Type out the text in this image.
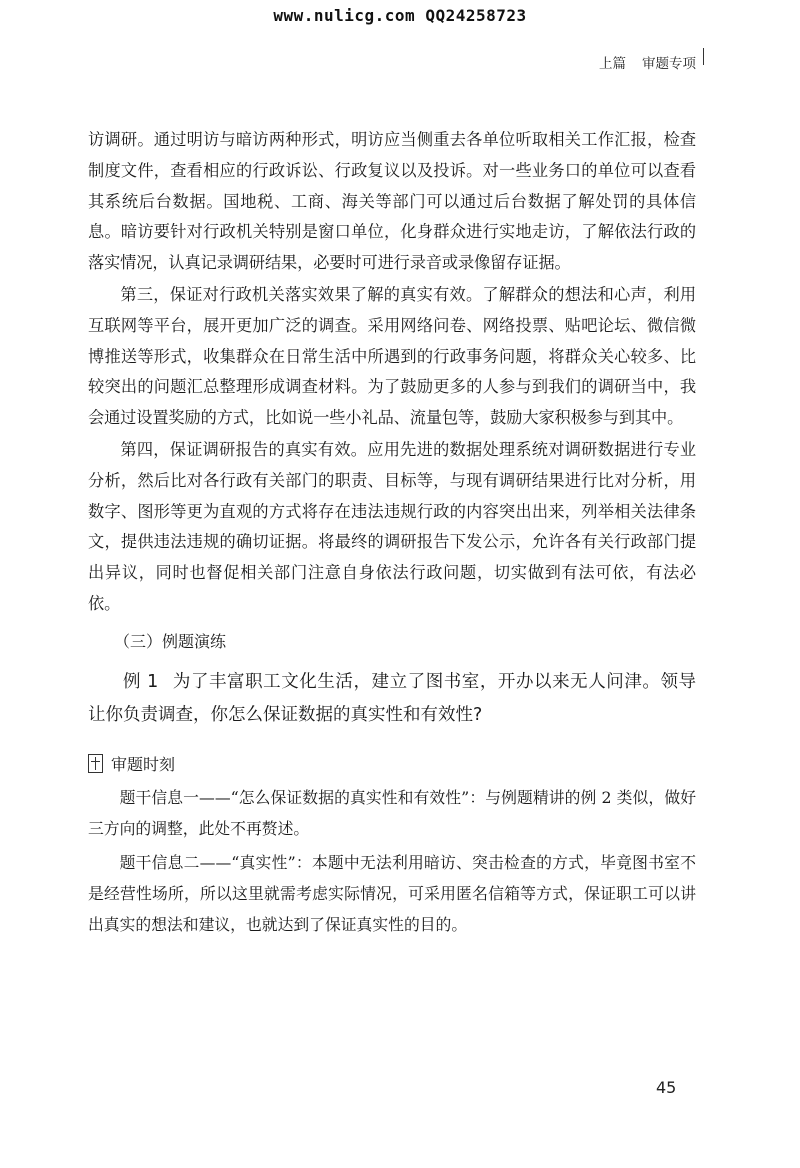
www.nulicg.com QQ24258723
上篇 审题专项

访调研。通过明访与暗访两种形式，明访应当侧重去各单位听取相关工作汇报，检查制度文件，查看相应的行政诉讼、行政复议以及投诉。对一些业务口的单位可以查看其系统后台数据。国地税、工商、海关等部门可以通过后台数据了解处罚的具体信息。暗访要针对行政机关特别是窗口单位，化身群众进行实地走访，了解依法行政的落实情况，认真记录调研结果，必要时可进行录音或录像留存证据。

第三，保证对行政机关落实效果了解的真实有效。了解群众的想法和心声，利用互联网等平台，展开更加广泛的调查。采用网络问卷、网络投票、贴吧论坛、微信微博推送等形式，收集群众在日常生活中所遇到的行政事务问题，将群众关心较多、比较突出的问题汇总整理形成调查材料。为了鼓励更多的人参与到我们的调研当中，我会通过设置奖励的方式，比如说一些小礼品、流量包等，鼓励大家积极参与到其中。

第四，保证调研报告的真实有效。应用先进的数据处理系统对调研数据进行专业分析，然后比对各行政有关部门的职责、目标等，与现有调研结果进行比对分析，用数字、图形等更为直观的方式将存在违法违规行政的内容突出出来，列举相关法律条文，提供违法违规的确切证据。将最终的调研报告下发公示，允许各有关行政部门提出异议，同时也督促相关部门注意自身依法行政问题，切实做到有法可依，有法必依。

（三）例题演练

例 1 为了丰富职工文化生活，建立了图书室，开办以来无人问津。领导让你负责调查，你怎么保证数据的真实性和有效性?

审题时刻

题干信息一——“怎么保证数据的真实性和有效性”：与例题精讲的例 2 类似，做好三方向的调整，此处不再赘述。

题干信息二——“真实性”：本题中无法利用暗访、突击检查的方式，毕竟图书室不是经营性场所，所以这里就需考虑实际情况，可采用匿名信箱等方式，保证职工可以讲出真实的想法和建议，也就达到了保证真实性的目的。

45
